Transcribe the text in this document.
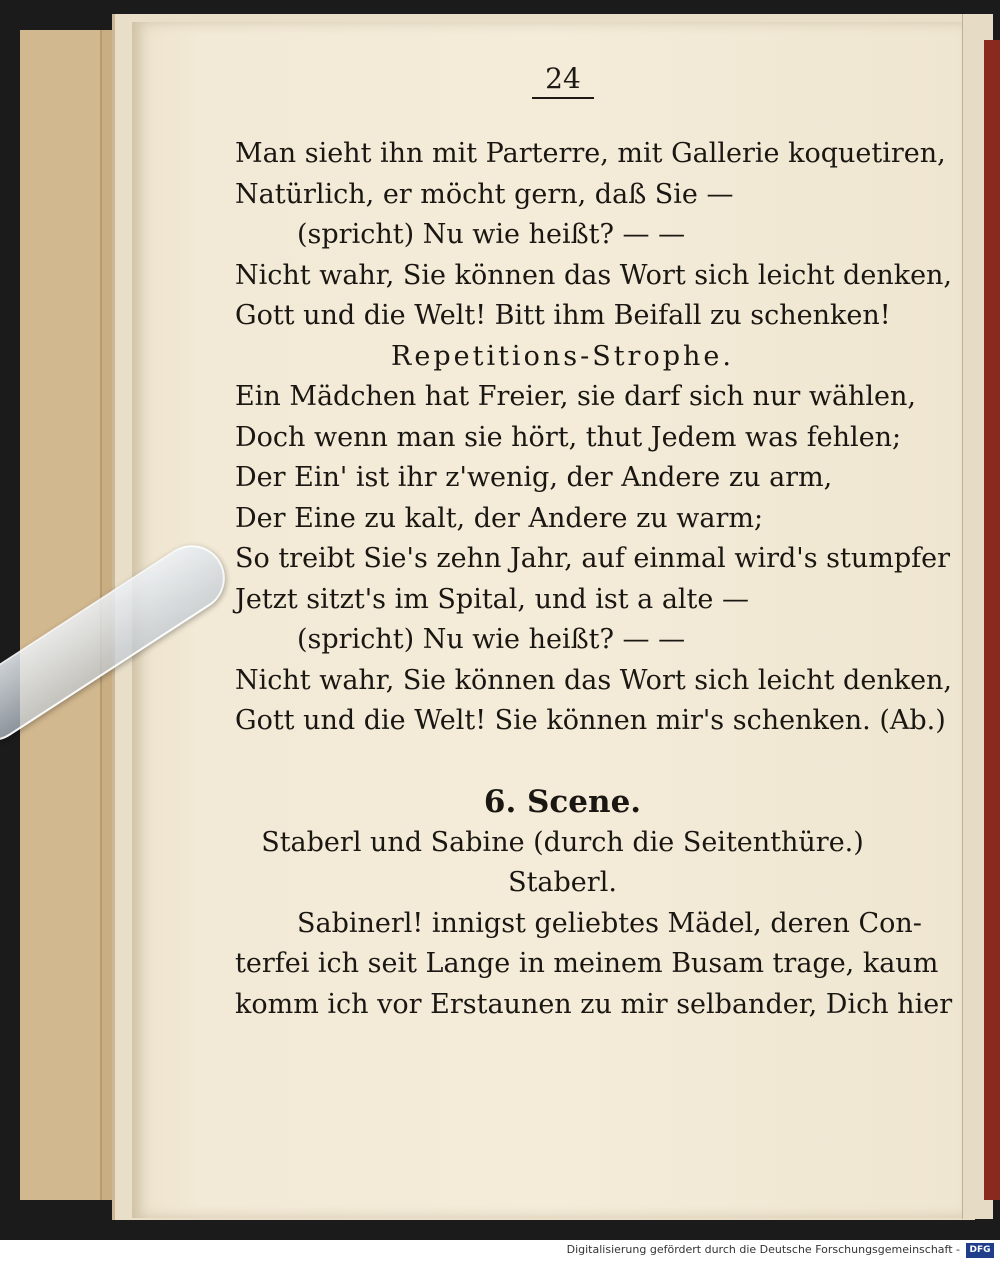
24
Man sieht ihn mit Parterre, mit Gallerie koquetiren,
Natürlich, er möcht gern, daß Sie —
(spricht) Nu wie heißt? — —
Nicht wahr, Sie können das Wort sich leicht denken,
Gott und die Welt! Bitt ihm Beifall zu schenken!
Repetitions-Strophe.
Ein Mädchen hat Freier, sie darf sich nur wählen,
Doch wenn man sie hört, thut Jedem was fehlen;
Der Ein' ist ihr z'wenig, der Andere zu arm,
Der Eine zu kalt, der Andere zu warm;
So treibt Sie's zehn Jahr, auf einmal wird's stumpfer
Jetzt sitzt's im Spital, und ist a alte —
(spricht) Nu wie heißt? — —
Nicht wahr, Sie können das Wort sich leicht denken,
Gott und die Welt! Sie können mir's schenken. (Ab.)
6. Scene.
Staberl und Sabine (durch die Seitenthüre.)
Staberl.
Sabinerl! innigst geliebtes Mädel, deren Con-
terfei ich seit Lange in meinem Busam trage, kaum
komm ich vor Erstaunen zu mir selbander, Dich hier
Digitalisierung gefördert durch die Deutsche Forschungsgemeinschaft -	DFG
